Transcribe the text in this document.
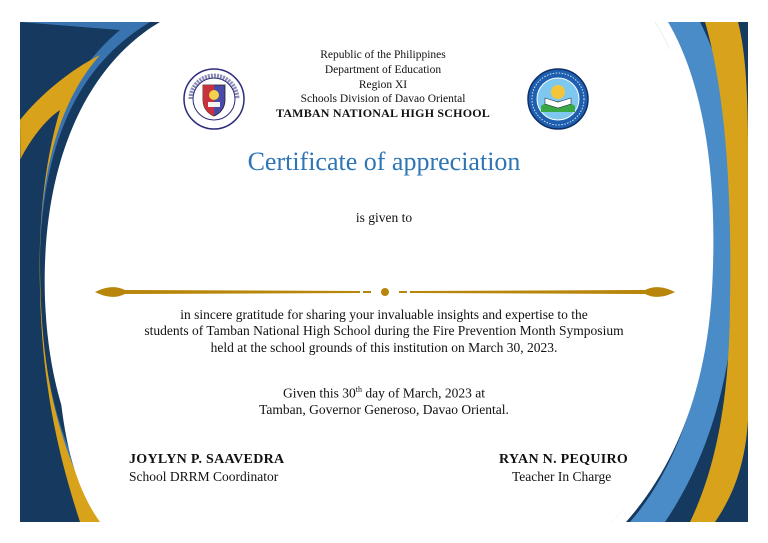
Republic of the Philippines
Department of Education
Region XI
Schools Division of Davao Oriental
TAMBAN NATIONAL HIGH SCHOOL
Certificate of appreciation
is given to
in sincere gratitude for sharing your invaluable insights and expertise to the
students of Tamban National High School during the Fire Prevention Month Symposium
held at the school grounds of this institution on March 30, 2023.
Given this 30th day of March, 2023 at
Tamban, Governor Generoso, Davao Oriental.
JOYLYN P. SAAVEDRA
School DRRM Coordinator
RYAN N. PEQUIRO
Teacher In Charge
